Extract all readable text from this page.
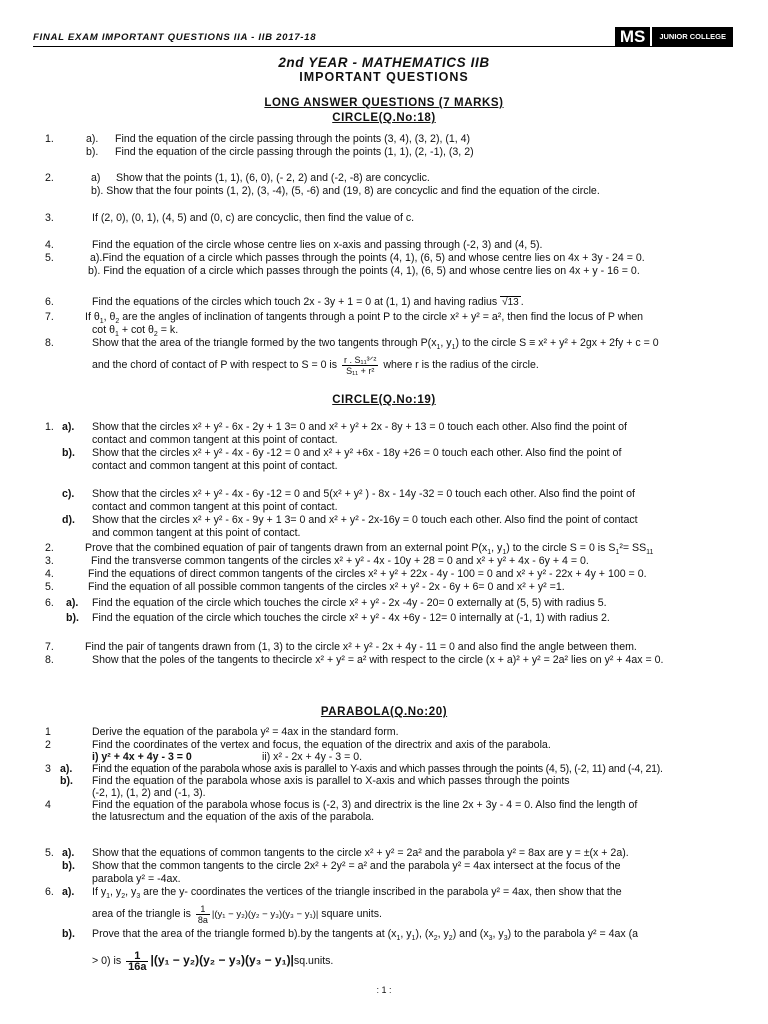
FINAL EXAM IMPORTANT QUESTIONS IIA - IIB 2017-18	MS	JUNIOR COLLEGE
2nd YEAR - MATHEMATICS IIB
IMPORTANT QUESTIONS
LONG ANSWER QUESTIONS (7 MARKS)
CIRCLE(Q.No:18)
1.	a). Find the equation of the circle passing through the points (3, 4), (3, 2), (1, 4)
b). Find the equation of the circle passing through the points (1, 1), (2, -1), (3, 2)
2.	a) Show that the points (1, 1), (6, 0), (- 2, 2) and (-2, -8) are concyclic.
b). Show that the four points (1, 2), (3, -4), (5, -6) and (19, 8) are concyclic and find the equation of the circle.
3.	If (2, 0), (0, 1), (4, 5) and (0, c) are concyclic, then find the value of c.
4.	Find the equation of the circle whose centre lies on x-axis and passing through (-2, 3) and (4, 5).
5.	a).Find the equation of a circle which passes through the points (4, 1), (6, 5) and whose centre lies on 4x + 3y - 24 = 0.
b). Find the equation of a circle which passes through the points (4, 1), (6, 5) and whose centre lies on 4x + y - 16 = 0.
6.	Find the equations of the circles which touch 2x - 3y + 1 = 0 at (1, 1) and having radius √13 .
7.	If $\theta_1$, $\theta_2$ are the angles of inclination of tangents through a point P to the circle x² + y² = a², then find the locus of P when
$\cot \theta_1 + \cot \theta_2 = k$.
8.	Show that the area of the triangle formed by the two tangents through $P(x_1$, $y_1$) to the circle S ≡ x² + y² + 2gx + 2fy + c = 0
and the chord of contact of P with respect to S = 0 is $\frac{\text{r . S₁₁³ᐟ²}}{\text{S₁₁ + r²}}$ where r is the radius of the circle.
CIRCLE(Q.No:19)
1. a). Show that the circles x² + y² - 6x - 2y + 1 3= 0 and x² + y² + 2x - 8y + 13 = 0 touch each other. Also find the point of
contact and common tangent at this point of contact.
b). Show that the circles x² + y² - 4x - 6y -12 = 0 and x² + y² +6x - 18y +26 = 0 touch each other. Also find the point of
contact and common tangent at this point of contact.
c). Show that the circles x² + y² - 4x - 6y -12 = 0 and 5(x² + y² ) - 8x - 14y -32 = 0 touch each other. Also find the point of
contact and common tangent at this point of contact.
d). Show that the circles x² + y² - 6x - 9y + 1 3= 0 and x² + y² - 2x-16y = 0 touch each other. Also find the point of contact
and common tangent at this point of contact.
2.	Prove that the combined equation of pair of tangents drawn from an external point $P(x_1$, $y_1$) to the circle S = 0 is $S_1^2= SS_{11}$
3.	Find the transverse common tangents of the circles x² + y² - 4x - 10y + 28 = 0 and x² + y² + 4x - 6y + 4 = 0.
4.	Find the equations of direct common tangents of the circles x² + y² + 22x - 4y - 100 = 0 and x² + y² - 22x + 4y + 100 = 0.
5.	Find the equation of all possible common tangents of the circles x² + y² - 2x - 6y + 6= 0 and x² + y² =1.
6. a). Find the equation of the circle which touches the circle x² + y² - 2x -4y - 20= 0 externally at (5, 5) with radius 5.
b). Find the equation of the circle which touches the circle x² + y² - 4x +6y - 12= 0 internally at (-1, 1) with radius 2.
7.	Find the pair of tangents drawn from (1, 3) to the circle x² + y² - 2x + 4y - 11 = 0 and also find the angle between them.
8.	Show that the poles of the tangents to thecircle x² + y² = a² with respect to the circle (x + a)² + y² = 2a² lies on y² + 4ax = 0.
PARABOLA(Q.No:20)
1	Derive the equation of the parabola y² = 4ax in the standard form.
2	Find the coordinates of the vertex and focus, the equation of the directrix and axis of the parabola.
i) y² + 4x + 4y - 3 = 0	ii) x² - 2x + 4y - 3 = 0.
3 a). Find the equation of the parabola whose axis is parallel to Y-axis and which passes through the points (4, 5), (-2, 11) and (-4, 21).
b). Find the equation of the parabola whose axis is parallel to X-axis and which passes through the points
(-2, 1), (1, 2) and (-1, 3).
4	Find the equation of the parabola whose focus is (-2, 3) and directrix is the line 2x + 3y - 4 = 0. Also find the length of
the latusrectum and the equation of the axis of the parabola.
5. a). Show that the equations of common tangents to the circle x² + y² = 2a² and the parabola y² = 8ax are y = ±(x + 2a).
b). Show that the common tangents to the circle 2x² + 2y² = a² and the parabola y² = 4ax intersect at the focus of the
parabola y² = -4ax.
6. a). If $y_1$, $y_2$, $y_3$ are the y- coordinates the vertices of the triangle inscribed in the parabola y² = 4ax, then show that the
area of the triangle is $\frac{1}{8a} |(y_1 - y_2)(y_2 - y_3)(y_3 - y_1)|$ square units.
b). Prove that the area of the triangle formed b).by the tangents at ($x_1$, $y_1$), ($x_2$, $y_2$) and ($x_3$, $y_3$) to the parabola y² = 4ax (a
> 0) is $\frac{1}{16a} |(y_1 - y_2)(y_2 - y_3)(y_3$ − y₁)|sq.units.
: 1 :
